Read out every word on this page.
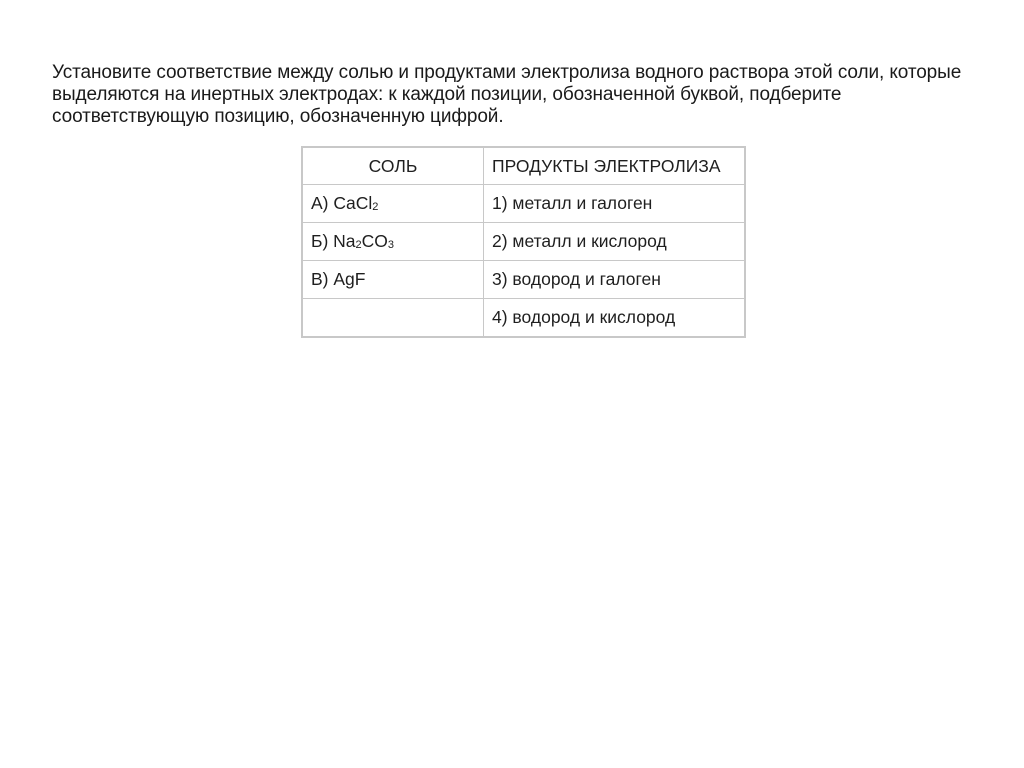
Установите соответствие между солью и продуктами электролиза водного раствора этой соли, которые выделяются на инертных электродах: к каждой позиции, обозначенной буквой, подберите соответствующую позицию, обозначенную цифрой.

СОЛЬ	ПРОДУКТЫ ЭЛЕКТРОЛИЗА
А) CaCl$_2$	1) металл и галоген
Б) $Na_2CO_3$	2) металл и кислород
В) AgF	3) водород и галоген
	4) водород и кислород
